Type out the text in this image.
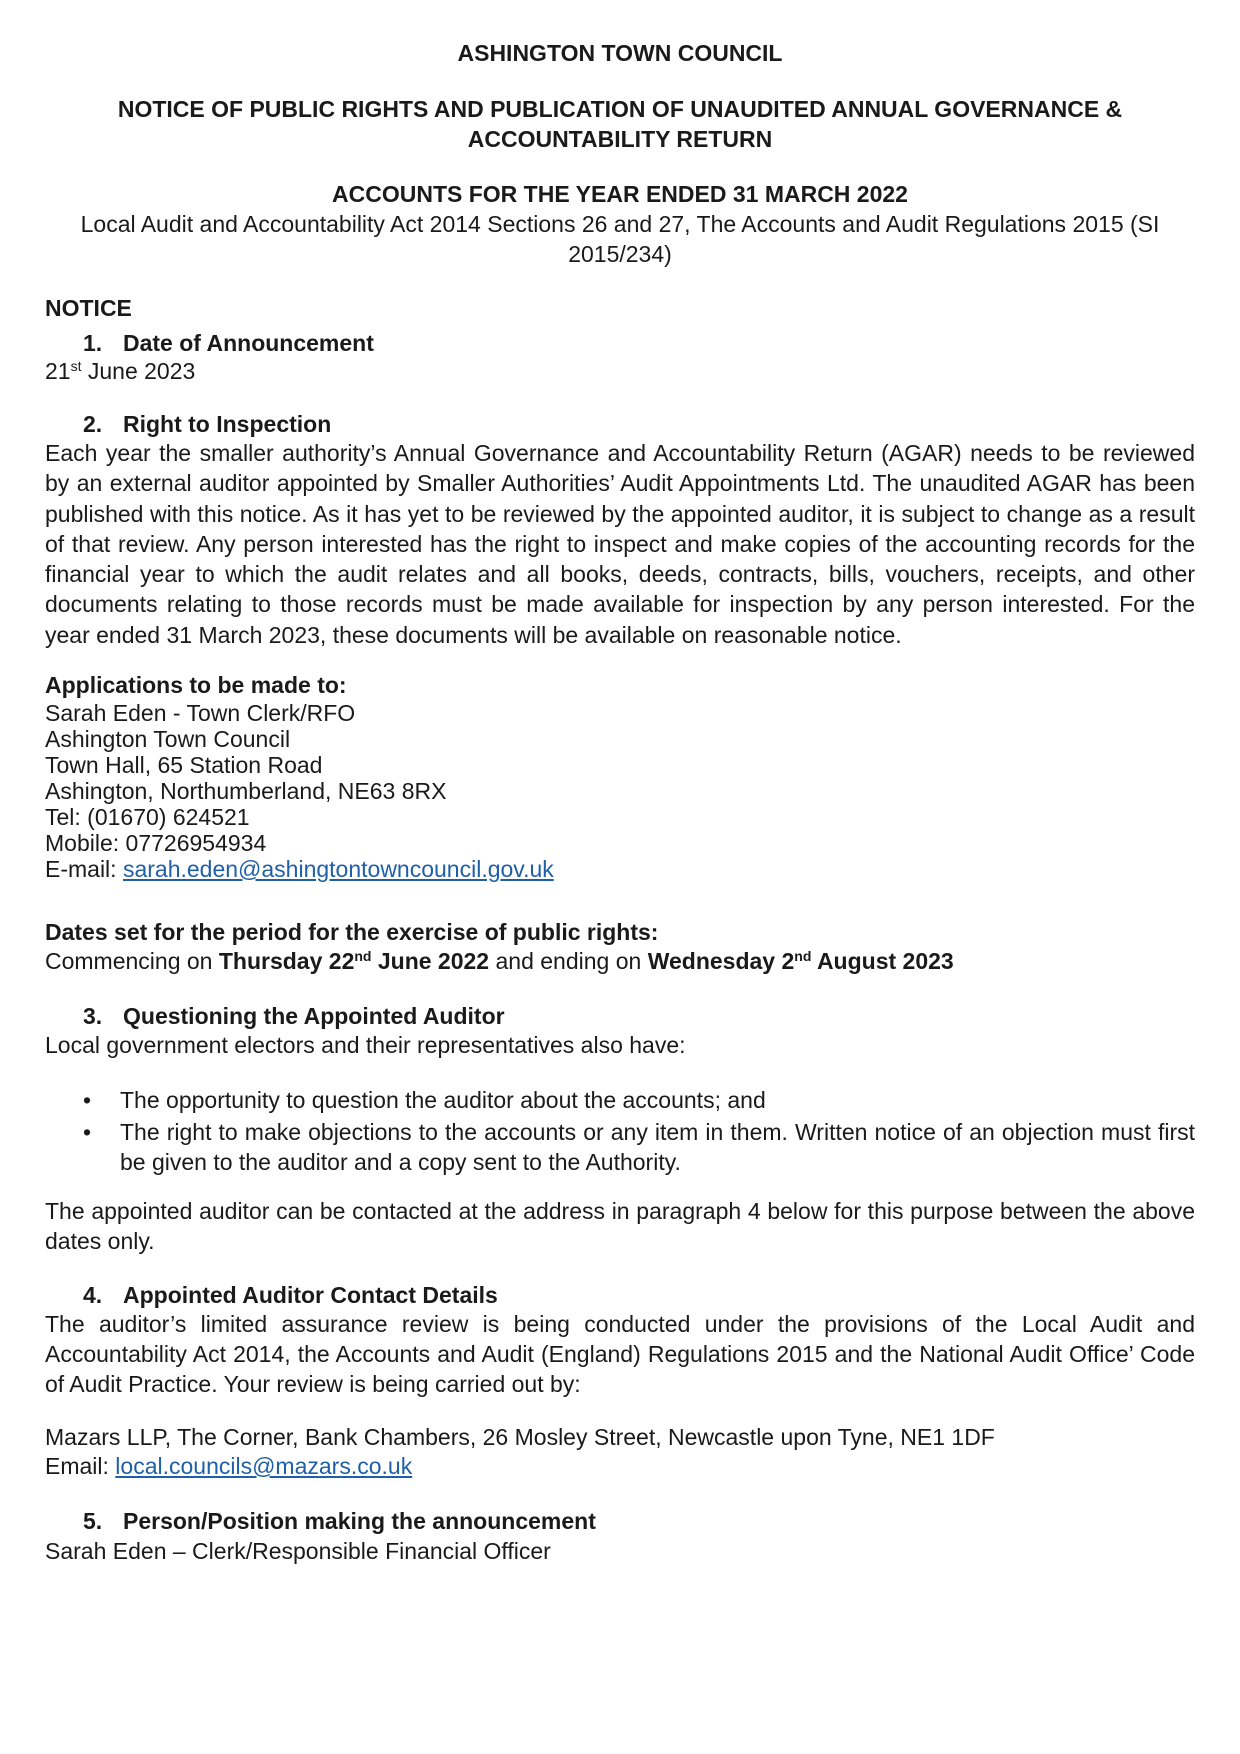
ASHINGTON TOWN COUNCIL
NOTICE OF PUBLIC RIGHTS AND PUBLICATION OF UNAUDITED ANNUAL GOVERNANCE & ACCOUNTABILITY RETURN
ACCOUNTS FOR THE YEAR ENDED 31 MARCH 2022
Local Audit and Accountability Act 2014 Sections 26 and 27, The Accounts and Audit Regulations 2015 (SI 2015/234)
NOTICE
1. Date of Announcement
21st June 2023
2. Right to Inspection
Each year the smaller authority’s Annual Governance and Accountability Return (AGAR) needs to be reviewed by an external auditor appointed by Smaller Authorities’ Audit Appointments Ltd. The unaudited AGAR has been published with this notice. As it has yet to be reviewed by the appointed auditor, it is subject to change as a result of that review. Any person interested has the right to inspect and make copies of the accounting records for the financial year to which the audit relates and all books, deeds, contracts, bills, vouchers, receipts, and other documents relating to those records must be made available for inspection by any person interested. For the year ended 31 March 2023, these documents will be available on reasonable notice.
Applications to be made to:
Sarah Eden - Town Clerk/RFO
Ashington Town Council
Town Hall, 65 Station Road
Ashington, Northumberland, NE63 8RX
Tel: (01670) 624521
Mobile: 07726954934
E-mail: sarah.eden@ashingtontowncouncil.gov.uk
Dates set for the period for the exercise of public rights:
Commencing on Thursday 22nd June 2022 and ending on Wednesday 2nd August 2023
3. Questioning the Appointed Auditor
Local government electors and their representatives also have:
• The opportunity to question the auditor about the accounts; and
• The right to make objections to the accounts or any item in them. Written notice of an objection must first be given to the auditor and a copy sent to the Authority.
The appointed auditor can be contacted at the address in paragraph 4 below for this purpose between the above dates only.
4. Appointed Auditor Contact Details
The auditor’s limited assurance review is being conducted under the provisions of the Local Audit and Accountability Act 2014, the Accounts and Audit (England) Regulations 2015 and the National Audit Office’ Code of Audit Practice. Your review is being carried out by:
Mazars LLP, The Corner, Bank Chambers, 26 Mosley Street, Newcastle upon Tyne, NE1 1DF
Email: local.councils@mazars.co.uk
5. Person/Position making the announcement
Sarah Eden – Clerk/Responsible Financial Officer
